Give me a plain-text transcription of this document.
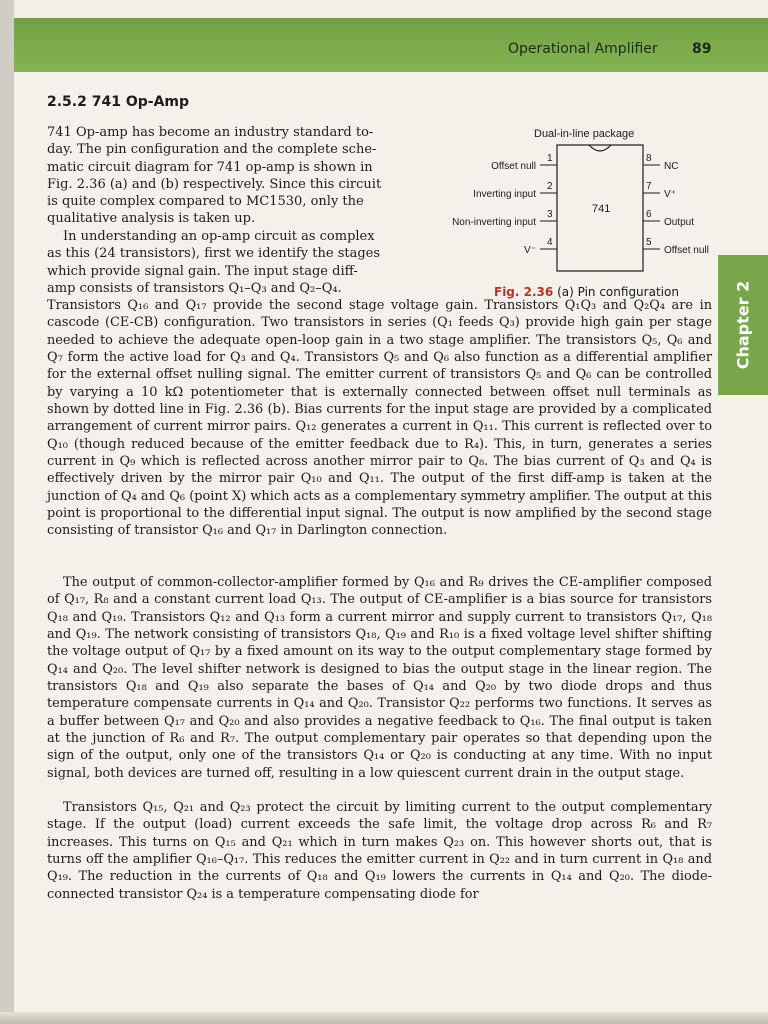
Operational Amplifier 89
2.5.2 741 Op-Amp

741 Op-amp has become an industry standard to-
day. The pin configuration and the complete sche-
matic circuit diagram for 741 op-amp is shown in
Fig. 2.36 (a) and (b) respectively. Since this circuit
is quite complex compared to MC1530, only the
qualitative analysis is taken up.

In understanding an op-amp circuit as complex
as this (24 transistors), first we identify the stages
which provide signal gain. The input stage diff-
amp consists of transistors Q₁–Q₃ and Q₂–Q₄.

Transistors Q₁₆ and Q₁₇ provide the second stage voltage gain. Transistors Q₁Q₃ and Q₂Q₄ are in cascode (CE-CB) configuration. Two transistors in series (Q₁ feeds Q₃) provide high gain per stage needed to achieve the adequate open-loop gain in a two stage amplifier. The transistors Q₅, Q₆ and Q₇ form the active load for Q₃ and Q₄. Transistors Q₅ and Q₆ also function as a differential amplifier for the external offset nulling signal. The emitter current of transistors Q₅ and Q₆ can be controlled by varying a 10 kΩ potentiometer that is externally connected between offset null terminals as shown by dotted line in Fig. 2.36 (b). Bias currents for the input stage are provided by a complicated arrangement of current mirror pairs. Q₁₂ generates a current in Q₁₁. This current is reflected over to Q₁₀ (though reduced because of the emitter feedback due to R₄). This, in turn, generates a series current in Q₉ which is reflected across another mirror pair to Q₈. The bias current of Q₃ and Q₄ is effectively driven by the mirror pair Q₁₀ and Q₁₁. The output of the first diff-amp is taken at the junction of Q₄ and Q₆ (point X) which acts as a complementary symmetry amplifier. The output at this point is proportional to the differential input signal. The output is now amplified by the second stage consisting of transistor Q₁₆ and Q₁₇ in Darlington connection.

The output of common-collector-amplifier formed by Q₁₆ and R₉ drives the CE-amplifier composed of Q₁₇, R₈ and a constant current load Q₁₃. The output of CE-amplifier is a bias source for transistors Q₁₈ and Q₁₉. Transistors Q₁₂ and Q₁₃ form a current mirror and supply current to transistors Q₁₇, Q₁₈ and Q₁₉. The network consisting of transistors Q₁₈, Q₁₉ and R₁₀ is a fixed voltage level shifter shifting the voltage output of Q₁₇ by a fixed amount on its way to the output complementary stage formed by Q₁₄ and Q₂₀. The level shifter network is designed to bias the output stage in the linear region. The transistors Q₁₈ and Q₁₉ also separate the bases of Q₁₄ and Q₂₀ by two diode drops and thus temperature compensate currents in Q₁₄ and Q₂₀. Transistor Q₂₂ performs two functions. It serves as a buffer between Q₁₇ and Q₂₀ and also provides a negative feedback to Q₁₆. The final output is taken at the junction of R₆ and R₇. The output complementary pair operates so that depending upon the sign of the output, only one of the transistors Q₁₄ or Q₂₀ is conducting at any time. With no input signal, both devices are turned off, resulting in a low quiescent current drain in the output stage.

Transistors Q₁₅, Q₂₁ and Q₂₃ protect the circuit by limiting current to the output complementary stage. If the output (load) current exceeds the safe limit, the voltage drop across R₆ and R₇ increases. This turns on Q₁₅ and Q₂₁ which in turn makes Q₂₃ on. This however shorts out, that is turns off the amplifier Q₁₆–Q₁₇. This reduces the emitter current in Q₂₂ and in turn current in Q₁₈ and Q₁₉. The reduction in the currents of Q₁₈ and Q₁₉ lowers the currents in Q₁₄ and Q₂₀. The diode-connected transistor Q₂₄ is a temperature compensating diode for

Dual-in-line package
741
1
Offset null
2
Inverting input
3
Non-inverting input
4
V⁻
8
NC
7
V⁺
6
Output
5
Offset null
Fig. 2.36 (a) Pin configuration	Chapter 2
